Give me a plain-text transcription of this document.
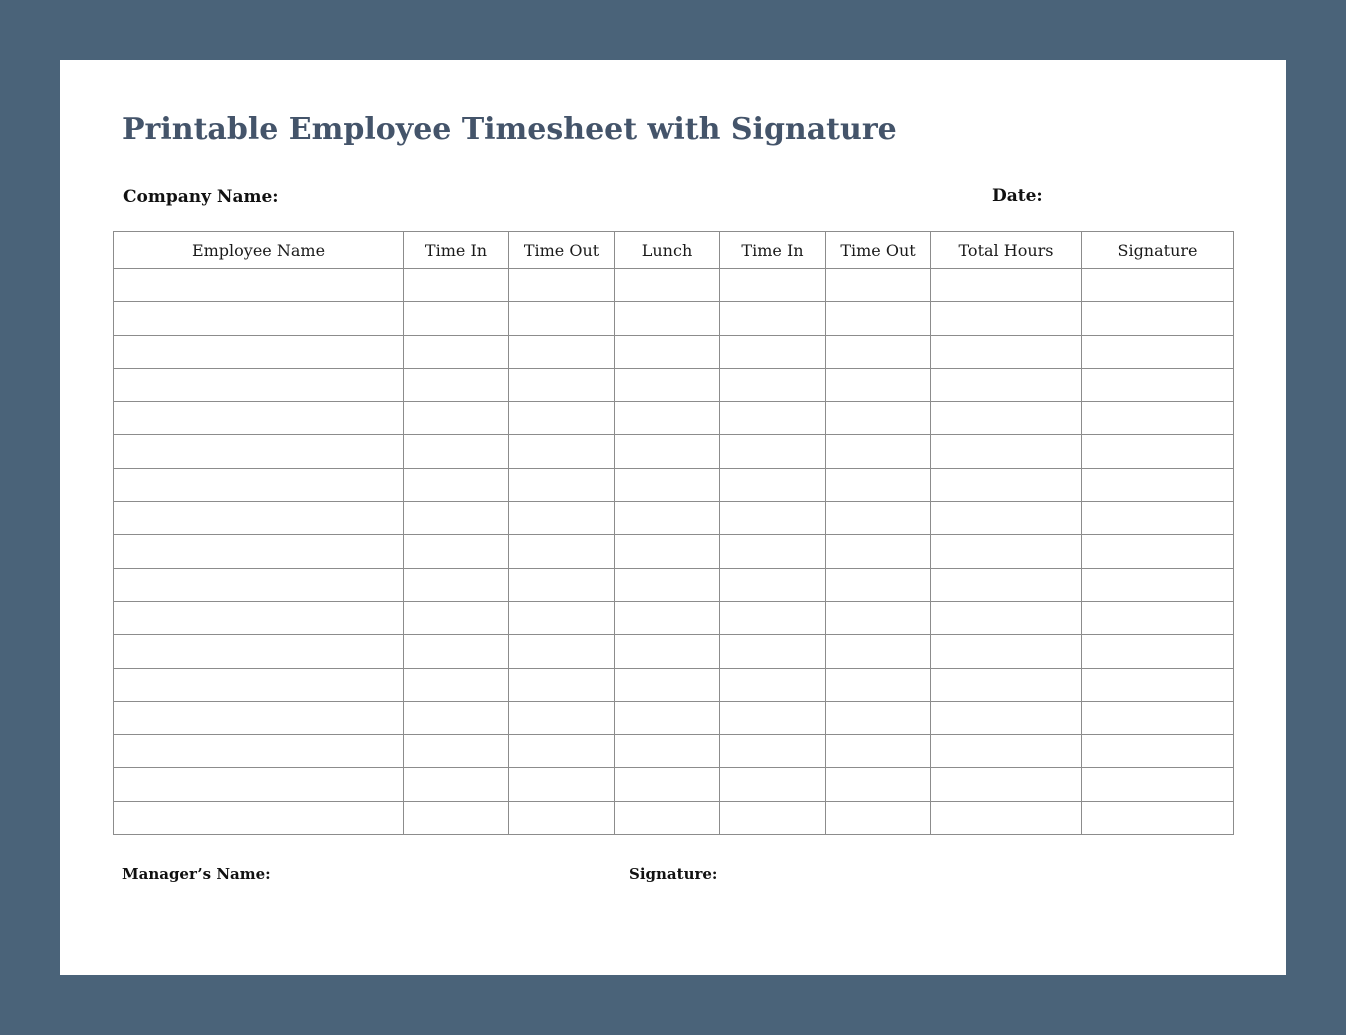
Printable Employee Timesheet with Signature
Company Name:	Date:
Employee Name	Time In	Time Out	Lunch	Time In	Time Out	Total Hours	Signature

Manager’s Name:	Signature:
